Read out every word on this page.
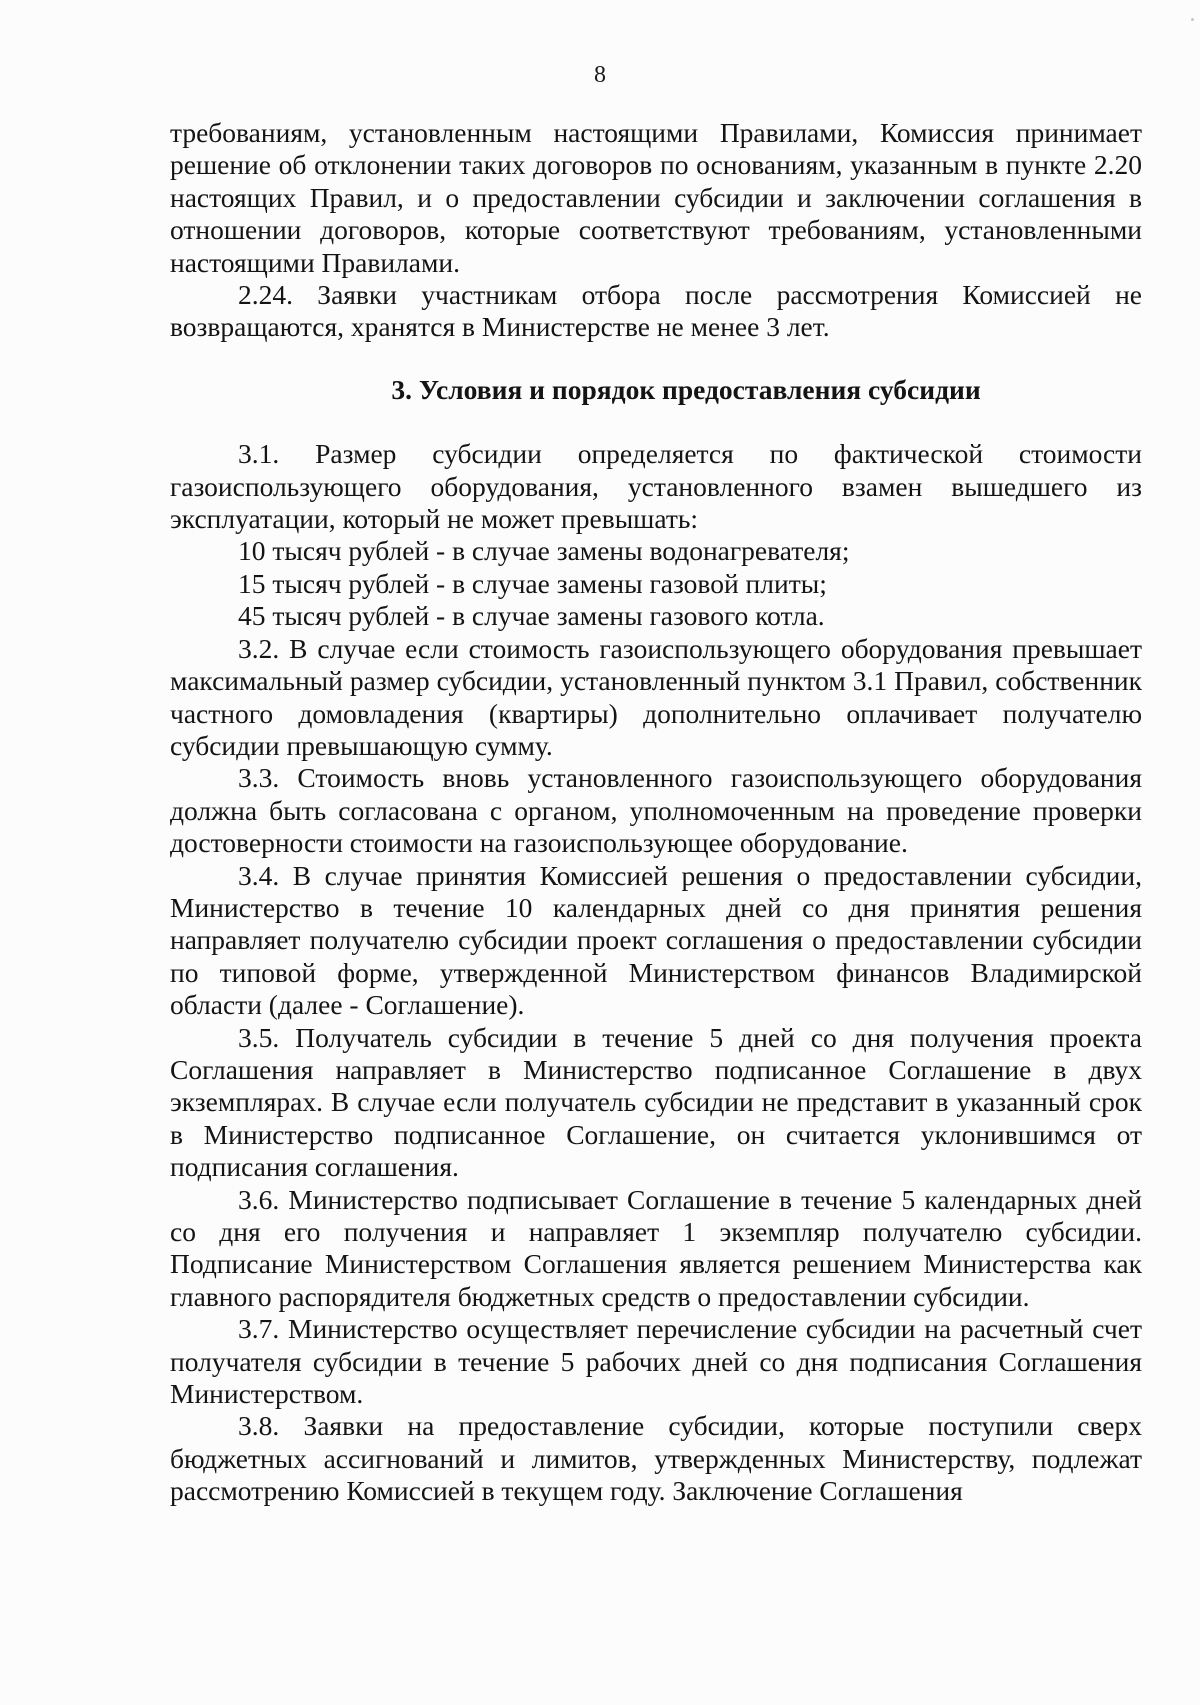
8

требованиям, установленным настоящими Правилами, Комиссия принимает решение об отклонении таких договоров по основаниям, указанным в пункте 2.20 настоящих Правил, и о предоставлении субсидии и заключении соглашения в отношении договоров, которые соответствуют требованиям, установленными настоящими Правилами.

2.24. Заявки участникам отбора после рассмотрения Комиссией не возвращаются, хранятся в Министерстве не менее 3 лет.

3. Условия и порядок предоставления субсидии

3.1. Размер субсидии определяется по фактической стоимости газоиспользующего оборудования, установленного взамен вышедшего из эксплуатации, который не может превышать:

10 тысяч рублей - в случае замены водонагревателя;

15 тысяч рублей - в случае замены газовой плиты;

45 тысяч рублей - в случае замены газового котла.

3.2. В случае если стоимость газоиспользующего оборудования превышает максимальный размер субсидии, установленный пунктом 3.1 Правил, собственник частного домовладения (квартиры) дополнительно оплачивает получателю субсидии превышающую сумму.

3.3. Стоимость вновь установленного газоиспользующего оборудования должна быть согласована с органом, уполномоченным на проведение проверки достоверности стоимости на газоиспользующее оборудование.

3.4. В случае принятия Комиссией решения о предоставлении субсидии, Министерство в течение 10 календарных дней со дня принятия решения направляет получателю субсидии проект соглашения о предоставлении субсидии по типовой форме, утвержденной Министерством финансов Владимирской области (далее - Соглашение).

3.5. Получатель субсидии в течение 5 дней со дня получения проекта Соглашения направляет в Министерство подписанное Соглашение в двух экземплярах. В случае если получатель субсидии не представит в указанный срок в Министерство подписанное Соглашение, он считается уклонившимся от подписания соглашения.

3.6. Министерство подписывает Соглашение в течение 5 календарных дней со дня его получения и направляет 1 экземпляр получателю субсидии. Подписание Министерством Соглашения является решением Министерства как главного распорядителя бюджетных средств о предоставлении субсидии.

3.7. Министерство осуществляет перечисление субсидии на расчетный счет получателя субсидии в течение 5 рабочих дней со дня подписания Соглашения Министерством.

3.8. Заявки на предоставление субсидии, которые поступили сверх бюджетных ассигнований и лимитов, утвержденных Министерству, подлежат рассмотрению Комиссией в текущем году. Заключение Соглашения
